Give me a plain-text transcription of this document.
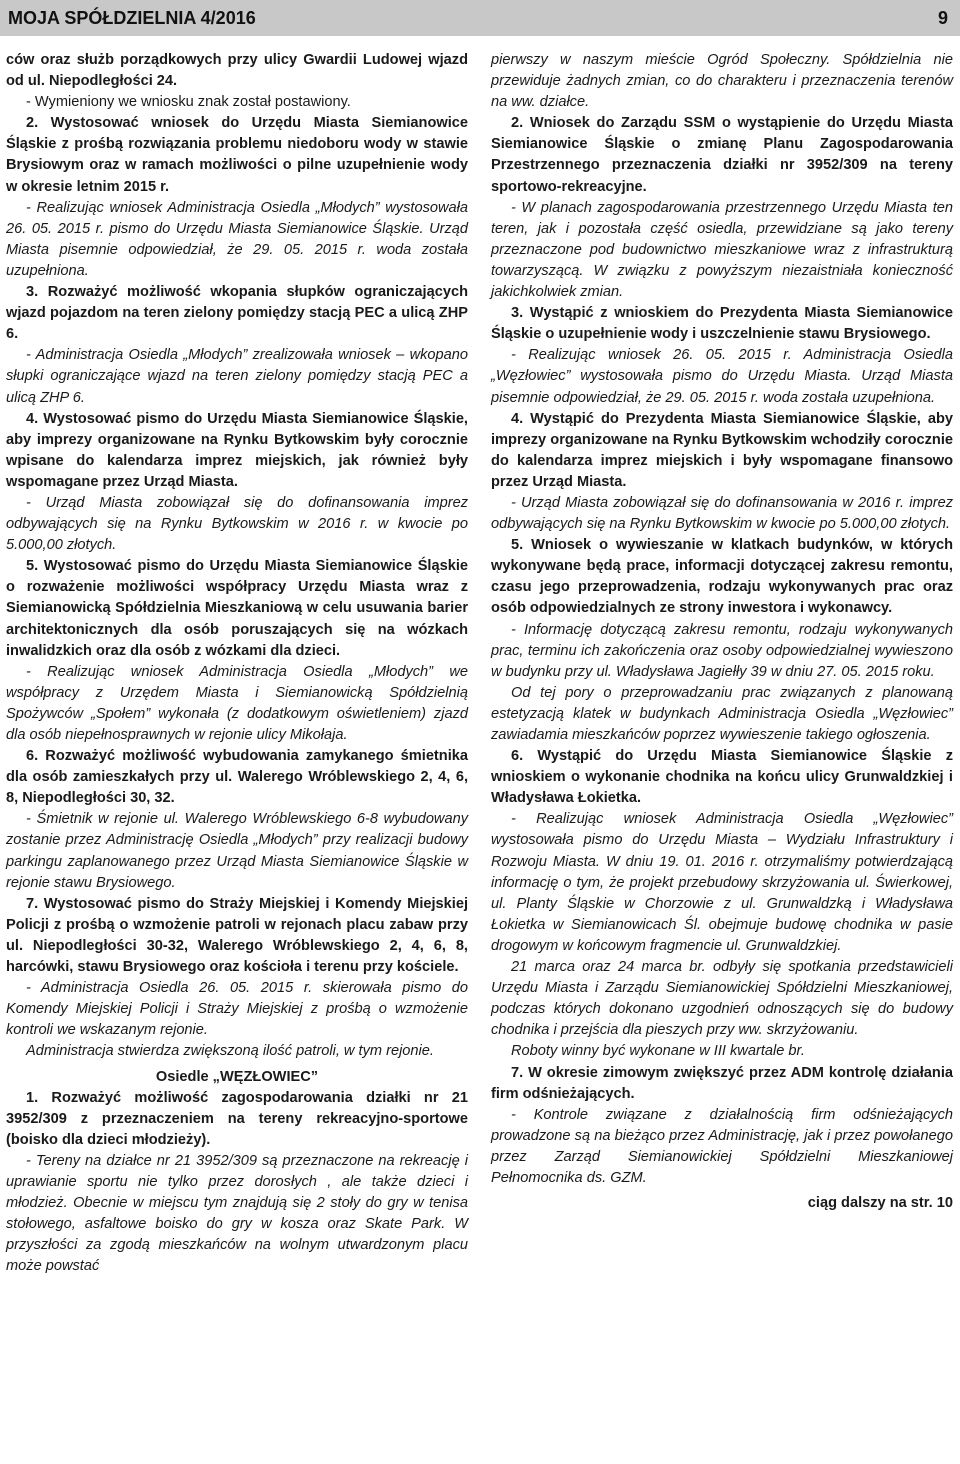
MOJA SPÓŁDZIELNIA 4/2016	9

ców oraz służb porządkowych przy ulicy Gwardii Ludowej wjazd od ul. Niepodległości 24.

- Wymieniony we wniosku znak został postawiony.

2. Wystosować wniosek do Urzędu Miasta Siemianowice Śląskie z prośbą rozwiązania problemu niedoboru wody w stawie Brysiowym oraz w ramach możliwości o pilne uzupełnienie wody w okresie letnim 2015 r.

- Realizując wniosek Administracja Osiedla „Młodych” wystosowała 26. 05. 2015 r. pismo do Urzędu Miasta Siemianowice Śląskie. Urząd Miasta pisemnie odpowiedział, że 29. 05. 2015 r. woda została uzupełniona.

3. Rozważyć możliwość wkopania słupków ograniczających wjazd pojazdom na teren zielony pomiędzy stacją PEC a ulicą ZHP 6.

- Administracja Osiedla „Młodych” zrealizowała wniosek – wkopano słupki ograniczające wjazd na teren zielony pomiędzy stacją PEC a ulicą ZHP 6.

4. Wystosować pismo do Urzędu Miasta Siemianowice Śląskie, aby imprezy organizowane na Rynku Bytkowskim były corocznie wpisane do kalendarza imprez miejskich, jak również były wspomagane przez Urząd Miasta.

- Urząd Miasta zobowiązał się do dofinansowania imprez odbywających się na Rynku Bytkowskim w 2016 r. w kwocie po 5.000,00 złotych.

5. Wystosować pismo do Urzędu Miasta Siemianowice Śląskie o rozważenie możliwości współpracy Urzędu Miasta wraz z Siemianowicką Spółdzielnia Mieszkaniową w celu usuwania barier architektonicznych dla osób poruszających się na wózkach inwalidzkich oraz dla osób z wózkami dla dzieci.

- Realizując wniosek Administracja Osiedla „Młodych” we współpracy z Urzędem Miasta i Siemianowicką Spółdzielnią Spożywców „Społem” wykonała (z dodatkowym oświetleniem) zjazd dla osób niepełnosprawnych w rejonie ulicy Mikołaja.

6. Rozważyć możliwość wybudowania zamykanego śmietnika dla osób zamieszkałych przy ul. Walerego Wróblewskiego 2, 4, 6, 8, Niepodległości 30, 32.

- Śmietnik w rejonie ul. Walerego Wróblewskiego 6-8 wybudowany zostanie przez Administrację Osiedla „Młodych” przy realizacji budowy parkingu zaplanowanego przez Urząd Miasta Siemianowice Śląskie w rejonie stawu Brysiowego.

7. Wystosować pismo do Straży Miejskiej i Komendy Miejskiej Policji z prośbą o wzmożenie patroli w rejonach placu zabaw przy ul. Niepodległości 30-32, Walerego Wróblewskiego 2, 4, 6, 8, harcówki, stawu Brysiowego oraz kościoła i terenu przy kościele.

- Administracja Osiedla 26. 05. 2015 r. skierowała pismo do Komendy Miejskiej Policji i Straży Miejskiej z prośbą o wzmożenie kontroli we wskazanym rejonie.

Administracja stwierdza zwiększoną ilość patroli, w tym rejonie.

Osiedle „WĘZŁOWIEC”

1. Rozważyć możliwość zagospodarowania działki nr 21 3952/309 z przeznaczeniem na tereny rekreacyjno-sportowe (boisko dla dzieci młodzieży).

- Tereny na działce nr 21 3952/309 są przeznaczone na rekreację i uprawianie sportu nie tylko przez dorosłych , ale także dzieci i młodzież. Obecnie w miejscu tym znajdują się 2 stoły do gry w tenisa stołowego, asfaltowe boisko do gry w kosza oraz Skate Park. W przyszłości za zgodą mieszkańców na wolnym utwardzonym placu może powstać

pierwszy w naszym mieście Ogród Społeczny. Spółdzielnia nie przewiduje żadnych zmian, co do charakteru i przeznaczenia terenów na ww. działce.

2. Wniosek do Zarządu SSM o wystąpienie do Urzędu Miasta Siemianowice Śląskie o zmianę Planu Zagospodarowania Przestrzennego przeznaczenia działki nr 3952/309 na tereny sportowo-rekreacyjne.

- W planach zagospodarowania przestrzennego Urzędu Miasta ten teren, jak i pozostała część osiedla, przewidziane są jako tereny przeznaczone pod budownictwo mieszkaniowe wraz z infrastrukturą towarzyszącą. W związku z powyższym niezaistniała konieczność jakichkolwiek zmian.

3. Wystąpić z wnioskiem do Prezydenta Miasta Siemianowice Śląskie o uzupełnienie wody i uszczelnienie stawu Brysiowego.

- Realizując wniosek 26. 05. 2015 r. Administracja Osiedla „Węzłowiec” wystosowała pismo do Urzędu Miasta. Urząd Miasta pisemnie odpowiedział, że 29. 05. 2015 r. woda została uzupełniona.

4. Wystąpić do Prezydenta Miasta Siemianowice Śląskie, aby imprezy organizowane na Rynku Bytkowskim wchodziły corocznie do kalendarza imprez miejskich i były wspomagane finansowo przez Urząd Miasta.

- Urząd Miasta zobowiązał się do dofinansowania w 2016 r. imprez odbywających się na Rynku Bytkowskim w kwocie po 5.000,00 złotych.

5. Wniosek o wywieszanie w klatkach budynków, w których wykonywane będą prace, informacji dotyczącej zakresu remontu, czasu jego przeprowadzenia, rodzaju wykonywanych prac oraz osób odpowiedzialnych ze strony inwestora i wykonawcy.

- Informację dotyczącą zakresu remontu, rodzaju wykonywanych prac, terminu ich zakończenia oraz osoby odpowiedzialnej wywieszono w budynku przy ul. Władysława Jagiełły 39 w dniu 27. 05. 2015 roku.

Od tej pory o przeprowadzaniu prac związanych z planowaną estetyzacją klatek w budynkach Administracja Osiedla „Węzłowiec” zawiadamia mieszkańców poprzez wywieszenie takiego ogłoszenia.

6. Wystąpić do Urzędu Miasta Siemianowice Śląskie z wnioskiem o wykonanie chodnika na końcu ulicy Grunwaldzkiej i Władysława Łokietka.

- Realizując wniosek Administracja Osiedla „Węzłowiec” wystosowała pismo do Urzędu Miasta – Wydziału Infrastruktury i Rozwoju Miasta. W dniu 19. 01. 2016 r. otrzymaliśmy potwierdzającą informację o tym, że projekt przebudowy skrzyżowania ul. Świerkowej, ul. Planty Śląskie w Chorzowie z ul. Grunwaldzką i Władysława Łokietka w Siemianowicach Śl. obejmuje budowę chodnika w pasie drogowym w końcowym fragmencie ul. Grunwaldzkiej.

21 marca oraz 24 marca br. odbyły się spotkania przedstawicieli Urzędu Miasta i Zarządu Siemianowickiej Spółdzielni Mieszkaniowej, podczas których dokonano uzgodnień odnoszących się do budowy chodnika i przejścia dla pieszych przy ww. skrzyżowaniu.

Roboty winny być wykonane w III kwartale br.

7. W okresie zimowym zwiększyć przez ADM kontrolę działania firm odśnieżających.

- Kontrole związane z działalnością firm odśnieżających prowadzone są na bieżąco przez Administrację, jak i przez powołanego przez Zarząd Siemianowickiej Spółdzielni Mieszkaniowej Pełnomocnika ds. GZM.

ciąg dalszy na str. 10
